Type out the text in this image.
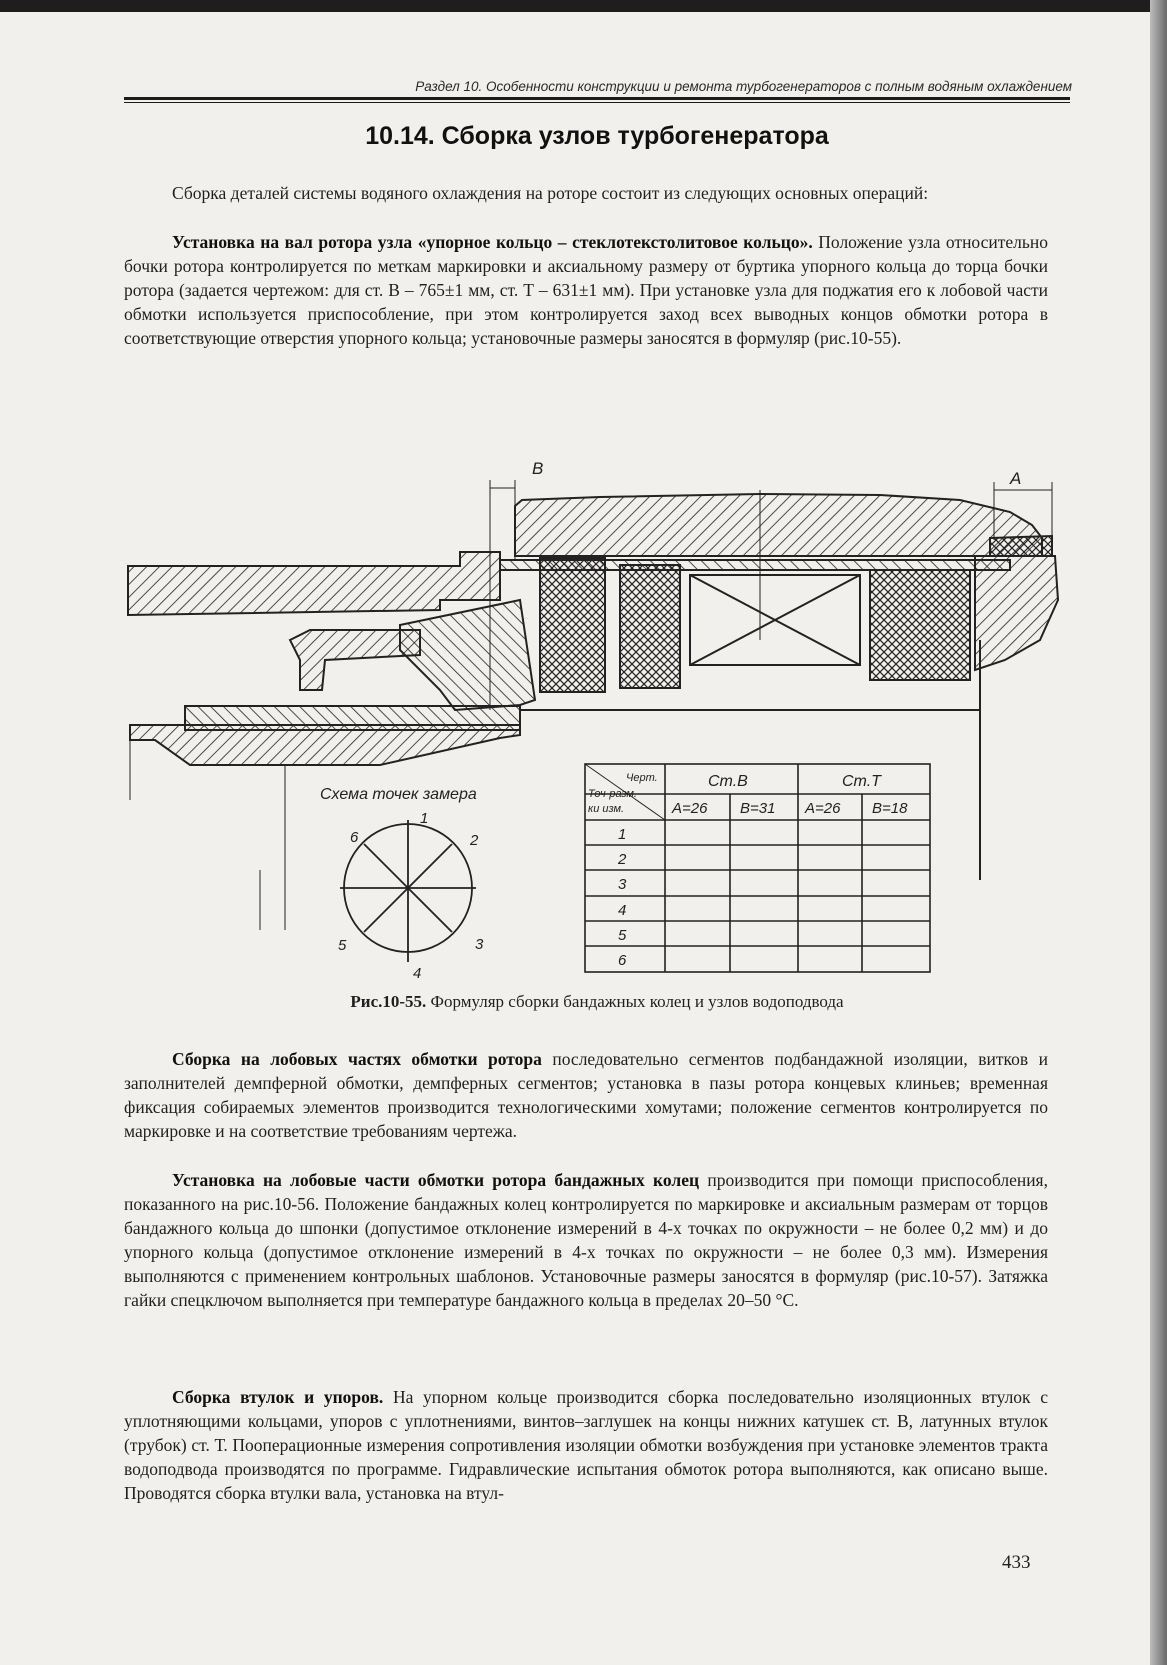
Раздел 10. Особенности конструкции и ремонта турбогенераторов с полным водяным охлаждением
10.14. Сборка узлов турбогенератора
Сборка деталей системы водяного охлаждения на роторе состоит из следующих основных операций:
Установка на вал ротора узла «упорное кольцо – стеклотекстолитовое кольцо». Положение узла относительно бочки ротора контролируется по меткам маркировки и аксиальному размеру от буртика упорного кольца до торца бочки ротора (задается чертежом: для ст. В – 765±1 мм, ст. Т – 631±1 мм). При установке узла для поджатия его к лобовой части обмотки используется приспособление, при этом контролируется заход всех выводных концов обмотки ротора в соответствующие отверстия упорного кольца; установочные размеры заносятся в формуляр (рис.10-55).
В
А
Схема точек замера
1
2
3
4
5
6
Черт.
Точ-разм.
ки изм.
Ст.В	Ст.Т
А=26 В=31 А=26 В=18
1
2
3
4
5
6
Рис.10-55. Формуляр сборки бандажных колец и узлов водоподвода
Сборка на лобовых частях обмотки ротора последовательно сегментов подбандажной изоляции, витков и заполнителей демпферной обмотки, демпферных сегментов; установка в пазы ротора концевых клиньев; временная фиксация собираемых элементов производится технологическими хомутами; положение сегментов контролируется по маркировке и на соответствие требованиям чертежа.
Установка на лобовые части обмотки ротора бандажных колец производится при помощи приспособления, показанного на рис.10-56. Положение бандажных колец контролируется по маркировке и аксиальным размерам от торцов бандажного кольца до шпонки (допустимое отклонение измерений в 4-х точках по окружности – не более 0,2 мм) и до упорного кольца (допустимое отклонение измерений в 4-х точках по окружности – не более 0,3 мм). Измерения выполняются с применением контрольных шаблонов. Установочные размеры заносятся в формуляр (рис.10-57). Затяжка гайки спецключом выполняется при температуре бандажного кольца в пределах 20–50 °С.
Сборка втулок и упоров. На упорном кольце производится сборка последовательно изоляционных втулок с уплотняющими кольцами, упоров с уплотнениями, винтов–заглушек на концы нижних катушек ст. В, латунных втулок (трубок) ст. Т. Пооперационные измерения сопротивления изоляции обмотки возбуждения при установке элементов тракта водоподвода производятся по программе. Гидравлические испытания обмоток ротора выполняются, как описано выше. Проводятся сборка втулки вала, установка на втул-
433
